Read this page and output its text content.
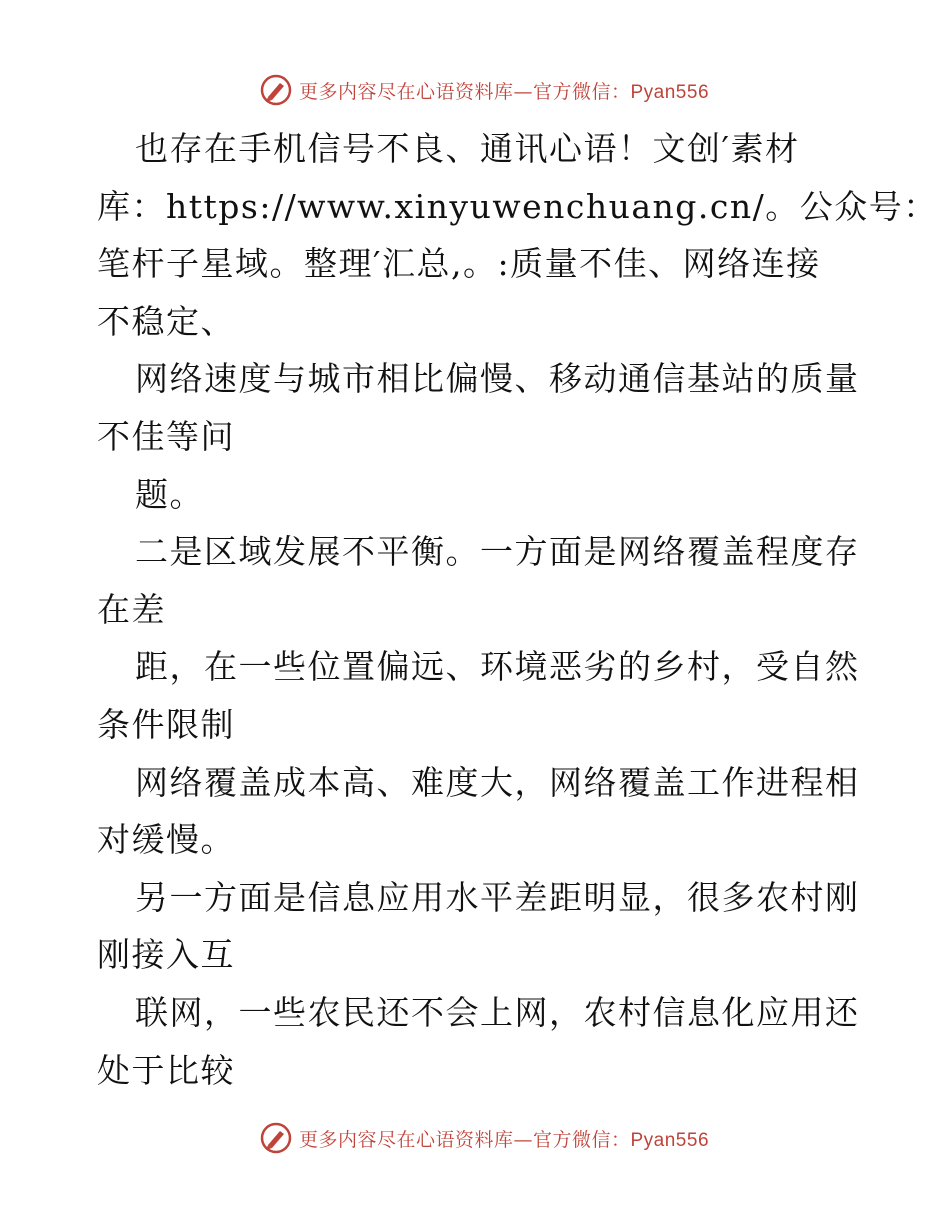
更多内容尽在心语资料库—官方微信：Pyan556
也存在手机信号不良、通讯心语！文创′素材
库：https://www.xinyuwenchuang.cn/。公众号：
笔杆子星域。整理′汇总,。:质量不佳、网络连接
不稳定、
网络速度与城市相比偏慢、移动通信基站的质量
不佳等问
题。
二是区域发展不平衡。一方面是网络覆盖程度存
在差
距，在一些位置偏远、环境恶劣的乡村，受自然
条件限制
网络覆盖成本高、难度大，网络覆盖工作进程相
对缓慢。
另一方面是信息应用水平差距明显，很多农村刚
刚接入互
联网，一些农民还不会上网，农村信息化应用还
处于比较
更多内容尽在心语资料库—官方微信：Pyan556
